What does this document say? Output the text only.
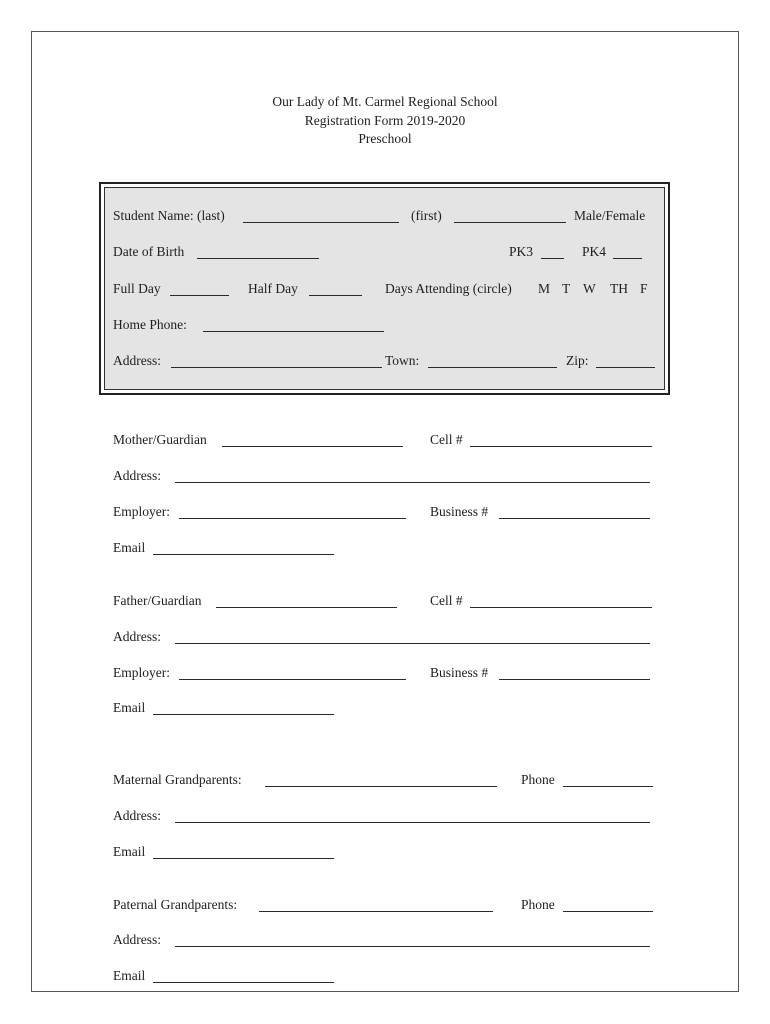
Our Lady of Mt. Carmel Regional School
Registration Form 2019-2020
Preschool
Student Name: (last)	(first)	Male/Female
Date of Birth	PK3	PK4
Full Day	Half Day	Days Attending (circle) M T W TH F
Home Phone:
Address:	Town:	Zip:
Mother/Guardian	Cell #
Address:
Employer:	Business #
Email
Father/Guardian	Cell #
Address:
Employer:	Business #
Email
Maternal Grandparents:	Phone
Address:
Email
Paternal Grandparents:	Phone
Address:
Email
